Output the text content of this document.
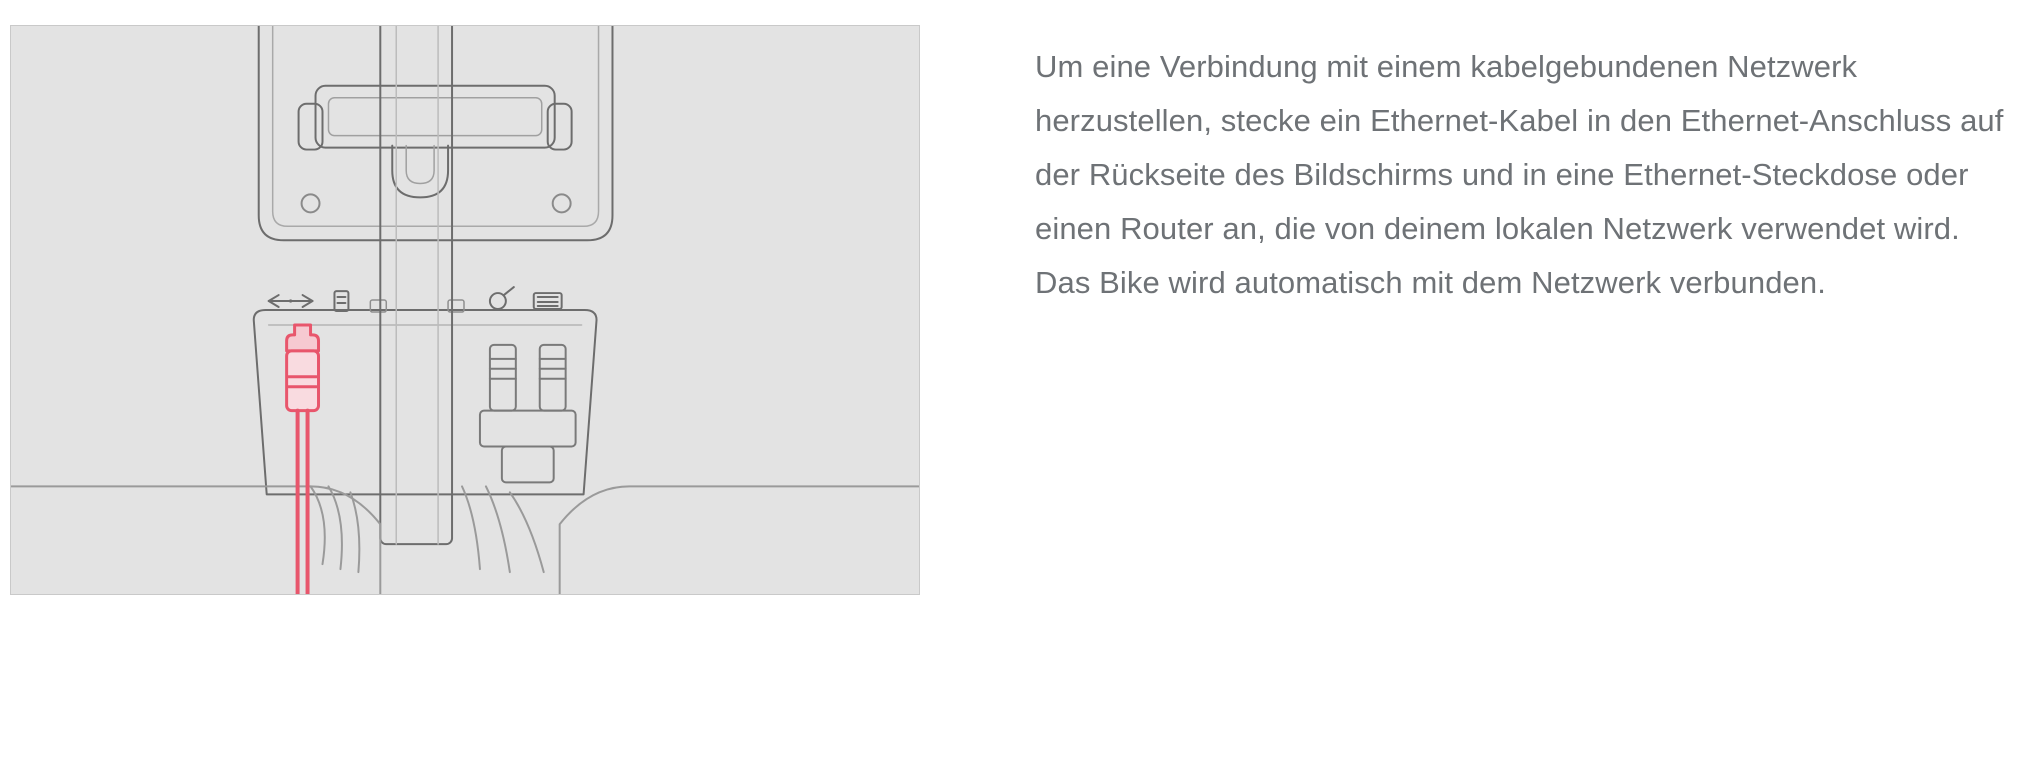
Um eine Verbindung mit einem kabelgebundenen Netzwerk herzustellen, stecke ein Ethernet-Kabel in den Ethernet-Anschluss auf der Rückseite des Bildschirms und in eine Ethernet-Steckdose oder einen Router an, die von deinem lokalen Netzwerk verwendet wird. Das Bike wird automatisch mit dem Netzwerk verbunden.
